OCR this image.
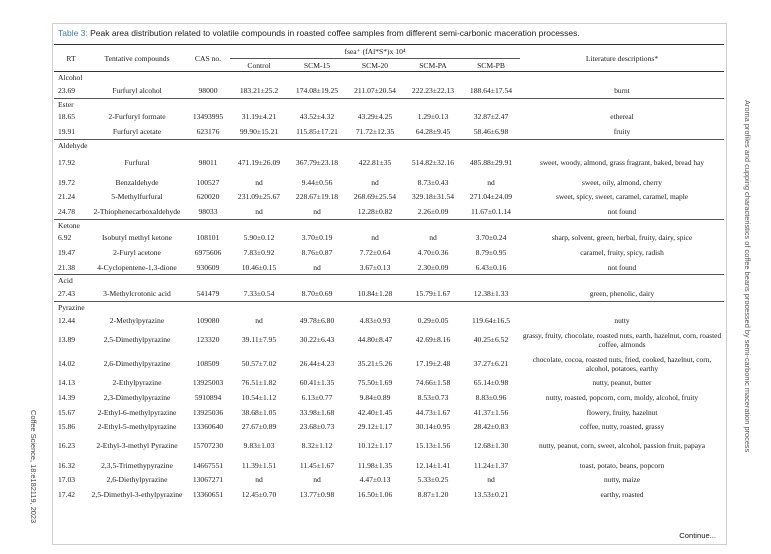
Table 3: Peak area distribution related to volatile compounds in roasted coffee samples from different semi-carbonic maceration processes.
RT	Tentative compounds	CAS no.	fsea⁺ (fAl*S*)x 10⁴					Literature descriptions*
			Control	SCM-15	SCM-20	SCM-PA	SCM-PB	
Alcohol								
23.69	Furfuryl alcohol	98000	183.21±25.2	174.08±19.25	211.07±20.54	222.23±22.13	188.64±17.54	burnt
Ester								
18.65	2-Furfuryl formate	13493995	31.19±4.21	43.52±4.32	43.29±4.25	1.29±0.13	32.87±2.47	ethereal
19.91	Furfuryl acetate	623176	99.90±15.21	115.85±17.21	71.72±12.35	64.28±9.45	58.46±6.98	fruity
Aldehyde								
17.92	Furfural	98011	471.19±26.09	367.79±23.18	422.81±35	514.82±32.16	485.88±29.91	sweet, woody, almond, grass fragrant, baked, bread hay
19.72	Benzaldehyde	100527	nd	9.44±0.56	nd	8.73±0.43	nd	sweet, oily, almond, cherry
21.24	5-Methylfurfural	620020	231.09±25.67	228.67±19.18	268.69±25.54	329.18±31.54	271.04±24.09	sweet, spicy, sweet, caramel, caramel, maple
24.78	2-Thiophenecarboxaldehyde	98033	nd	nd	12.28±0.82	2.26±0.09	11.67±0.1.14	not found
Ketone								
6.92	Isobutyl methyl ketone	108101	5.90±0.12	3.70±0.19	nd	nd	3.70±0.24	sharp, solvent, green, herbal, fruity, dairy, spice
19.47	2-Furyl acetone	6975606	7.83±0.92	8.76±0.87	7.72±0.64	4.70±0.36	8.79±0.95	caramel, fruity, spicy, radish
21.38	4-Cyclopentene-1,3-dione	930609	10.46±0.15	nd	3.67±0.13	2.30±0.09	6.43±0.16	not found
Acid								
27.43	3-Methylcrotonic acid	541479	7.33±0.54	8.70±0.69	10.84±1.28	15.79±1.67	12.38±1.33	green, phenolic, dairy
Pyrazine								
12.44	2-Methylpyrazine	109080	nd	49.78±6.80	4.83±0.93	0.29±0.05	119.64±16.5	nutty
13.89	2,5-Dimethylpyrazine	123320	39.11±7.95	30.22±6.43	44.80±8.47	42.69±8.16	40.25±6.52	grassy, fruity, chocolate, roasted nuts, earth, hazelnut, corn, roasted coffee, almonds
14.02	2,6-Dimethylpyrazine	108509	50.57±7.02	26.44±4.23	35.21±5.26	17.19±2.48	37.27±6.21	chocolate, cocoa, roasted nuts, fried, cooked, hazelnut, corn, alcohol, potatoes, earthy
14.13	2-Ethylpyrazine	13925003	76.51±1.82	60.41±1.35	75.50±1.69	74.66±1.58	65.14±0.98	nutty, peanut, butter
14.39	2,3-Dimethylpyrazine	5910894	10.54±1.12	6.13±0.77	9.84±0.89	8.53±0.73	8.83±0.96	nutty, roasted, popcorn, corn, moldy, alcohol, fruity
15.67	2-Ethyl-6-methylpyrazine	13925036	38.68±1.05	33.98±1.68	42.40±1.45	44.73±1.67	41.37±1.56	flowery, fruity, hazelnut
15.86	2-Ethyl-5-methylpyrazine	13360640	27.67±0.89	23.68±0.73	29.12±1.17	30.14±0.95	28.42±0.83	coffee, nutty, roasted, grassy
16.23	2-Ethyl-3-methyl Pyrazine	15707230	9.83±1.03	8.32±1.12	10.12±1.17	15.13±1.56	12.68±1.30	nutty, peanut, corn, sweet, alcohol, passion fruit, papaya
16.32	2,3,5-Trimethypyrazine	14667551	11.39±1.51	11.45±1.67	11.98±1.35	12.14±1.41	11.24±1.37	toast, potato, beans, popcorn
17.03	2,6-Diethylpyrazine	13067271	nd	nd	4.47±0.13	5.33±0.25	nd	nutty, maize
17.42	2,5-Dimethyl-3-ethylpyrazine	13360651	12.45±0.70	13.77±0.98	16.50±1.06	8.87±1.20	13.53±0.21	earthy, roasted
Aroma profiles and cupping characteristics of coffee beans processed by semi-carbonic maceration process
Coffee Science, 18:e182119, 2023
Continue...
